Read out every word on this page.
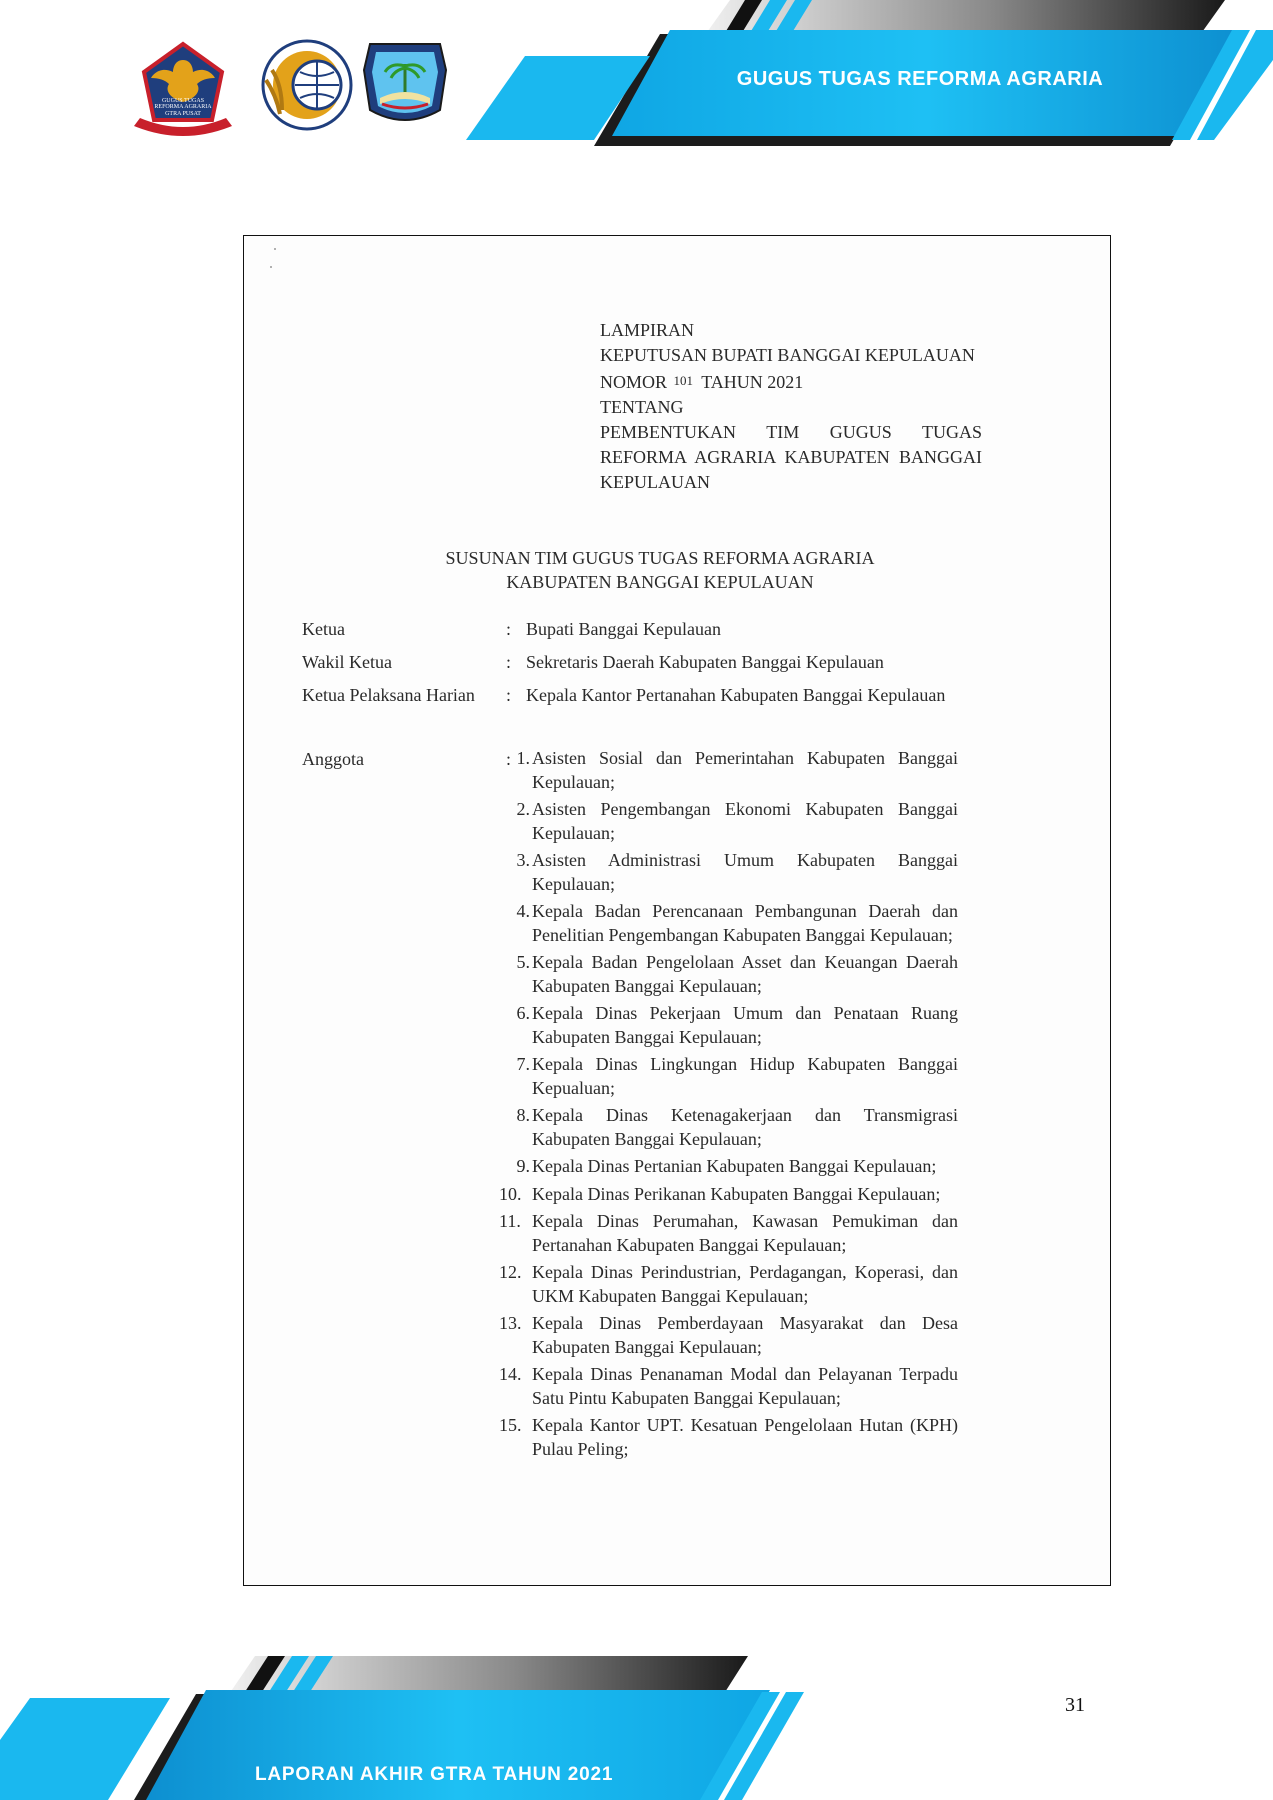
GUGUS TUGAS
REFORMA AGRARIA
GTRA PUSAT
GUGUS TUGAS REFORMA AGRARIA
LAMPIRAN
KEPUTUSAN BUPATI BANGGAI KEPULAUAN
NOMOR 101 TAHUN 2021
TENTANG
PEMBENTUKAN TIM GUGUS TUGAS
REFORMA AGRARIA KABUPATEN BANGGAI
KEPULAUAN
SUSUNAN TIM GUGUS TUGAS REFORMA AGRARIA
KABUPATEN BANGGAI KEPULAUAN
Ketua	: Bupati Banggai Kepulauan
Wakil Ketua	: Sekretaris Daerah Kabupaten Banggai Kepulauan
Ketua Pelaksana Harian	: Kepala Kantor Pertanahan Kabupaten Banggai Kepulauan
Anggota	: 1. Asisten Sosial dan Pemerintahan Kabupaten Banggai Kepulauan;
2. Asisten Pengembangan Ekonomi Kabupaten Banggai Kepulauan;
3. Asisten Administrasi Umum Kabupaten Banggai Kepulauan;
4. Kepala Badan Perencanaan Pembangunan Daerah dan Penelitian Pengembangan Kabupaten Banggai Kepulauan;
5. Kepala Badan Pengelolaan Asset dan Keuangan Daerah Kabupaten Banggai Kepulauan;
6. Kepala Dinas Pekerjaan Umum dan Penataan Ruang Kabupaten Banggai Kepulauan;
7. Kepala Dinas Lingkungan Hidup Kabupaten Banggai Kepualuan;
8. Kepala Dinas Ketenagakerjaan dan Transmigrasi Kabupaten Banggai Kepulauan;
9. Kepala Dinas Pertanian Kabupaten Banggai Kepulauan;
10. Kepala Dinas Perikanan Kabupaten Banggai Kepulauan;
11. Kepala Dinas Perumahan, Kawasan Pemukiman dan Pertanahan Kabupaten Banggai Kepulauan;
12. Kepala Dinas Perindustrian, Perdagangan, Koperasi, dan UKM Kabupaten Banggai Kepulauan;
13. Kepala Dinas Pemberdayaan Masyarakat dan Desa Kabupaten Banggai Kepulauan;
14. Kepala Dinas Penanaman Modal dan Pelayanan Terpadu Satu Pintu Kabupaten Banggai Kepulauan;
15. Kepala Kantor UPT. Kesatuan Pengelolaan Hutan (KPH) Pulau Peling;
LAPORAN AKHIR GTRA TAHUN 2021
31
